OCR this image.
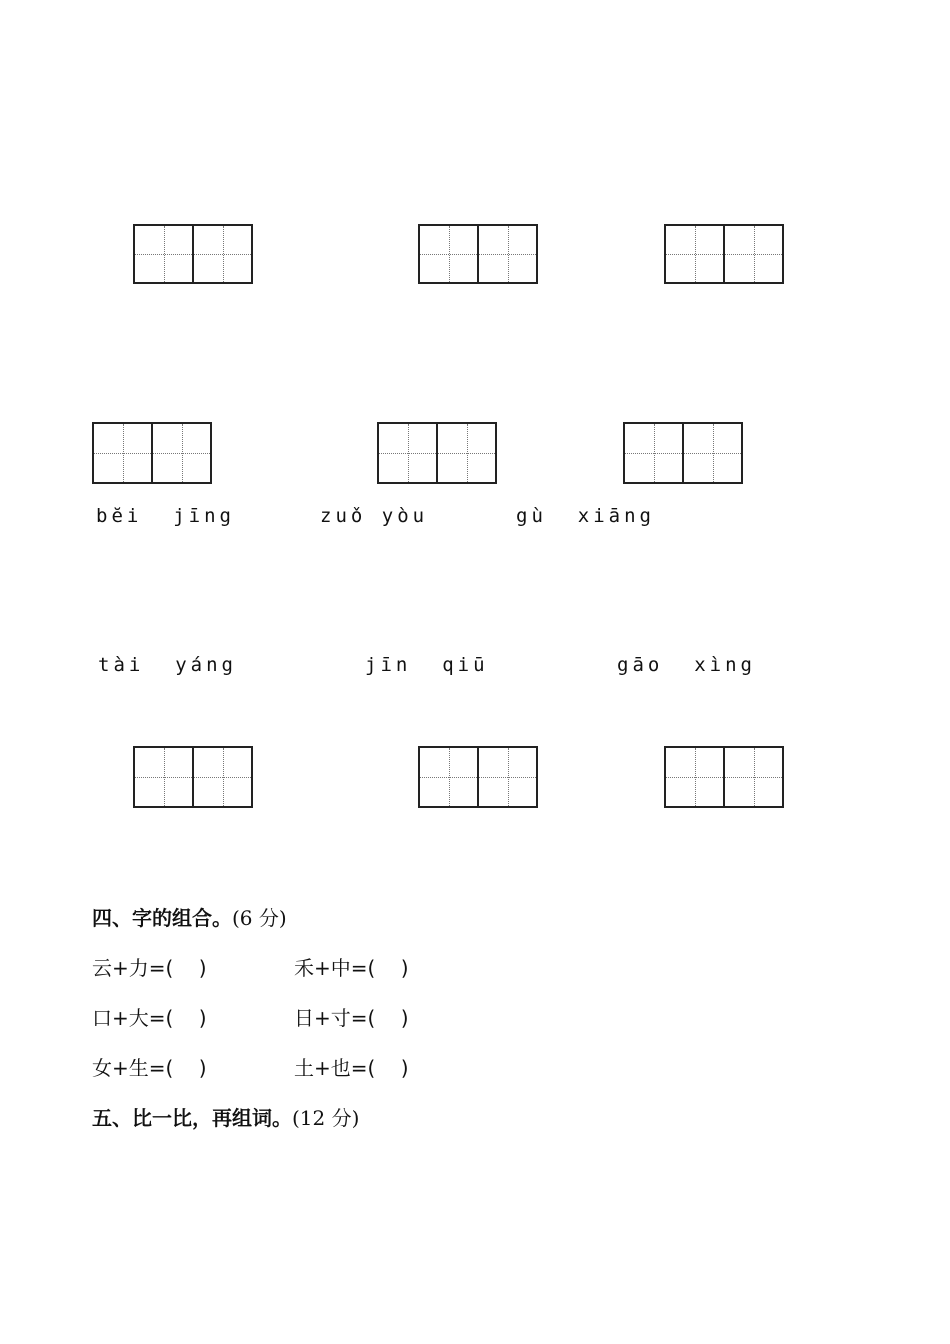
bĕi  jīng	zuǒ yòu	gù  xiāng
tài  yáng	jīn  qiū	gāo  xìng
四、字的组合。(6 分)
云+力=(    )	禾+中=(    )
口+大=(    )	日+寸=(    )
女+生=(    )	土+也=(    )
五、比一比，再组词。(12 分)
